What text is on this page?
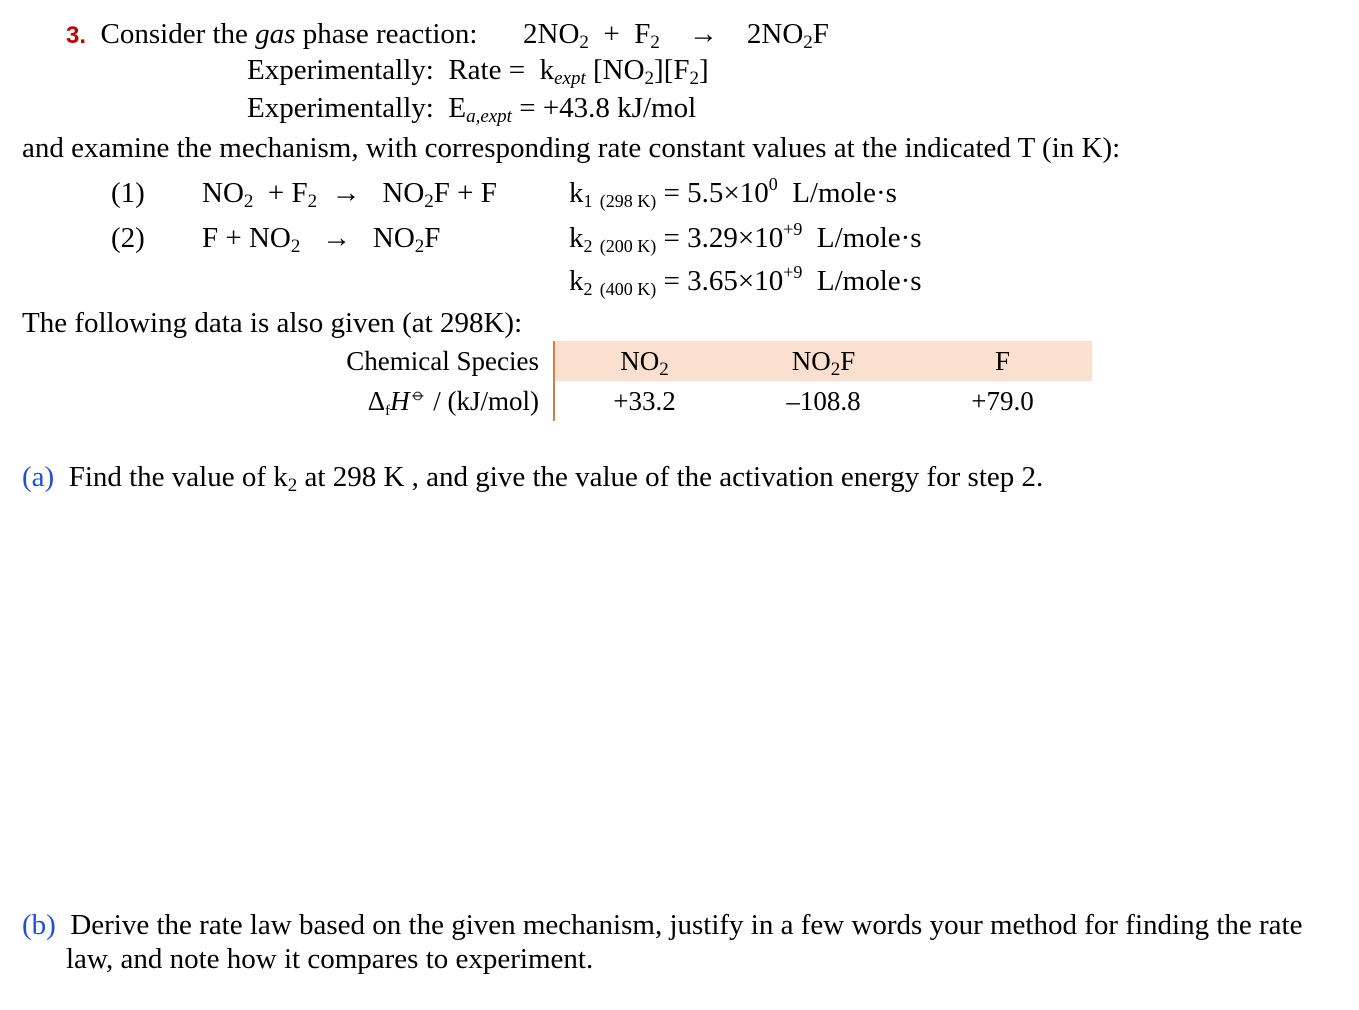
3. Consider the gas phase reaction: 2NO2 + F2 → 2NO2F
Experimentally: Rate = kexpt [NO2][F2]
Experimentally: Ea,expt = +43.8 kJ/mol
and examine the mechanism, with corresponding rate constant values at the indicated T (in K):
(1) NO2 + F2 → NO2F + F k1 (298 $K) = 5.5\times 10^0$ L/mole·s
(2) F + NO2 → NO2F	k2 (200 $K) = 3.29\times 10^{+9}$ L/mole·s
k2 (400 $K) = 3.65\times 10^{+9}$ L/mole·s
The following data is also given (at 298K):
Chemical Species	NO2	NO2F	F
ΔfH⦵ / (kJ/mol)	+33.2	–108.8	+79.0
(a) Find the value of k2 at 298 K , and give the value of the activation energy for step 2.
(b) Derive the rate law based on the given mechanism, justify in a few words your method for finding the rate
law, and note how it compares to experiment.
